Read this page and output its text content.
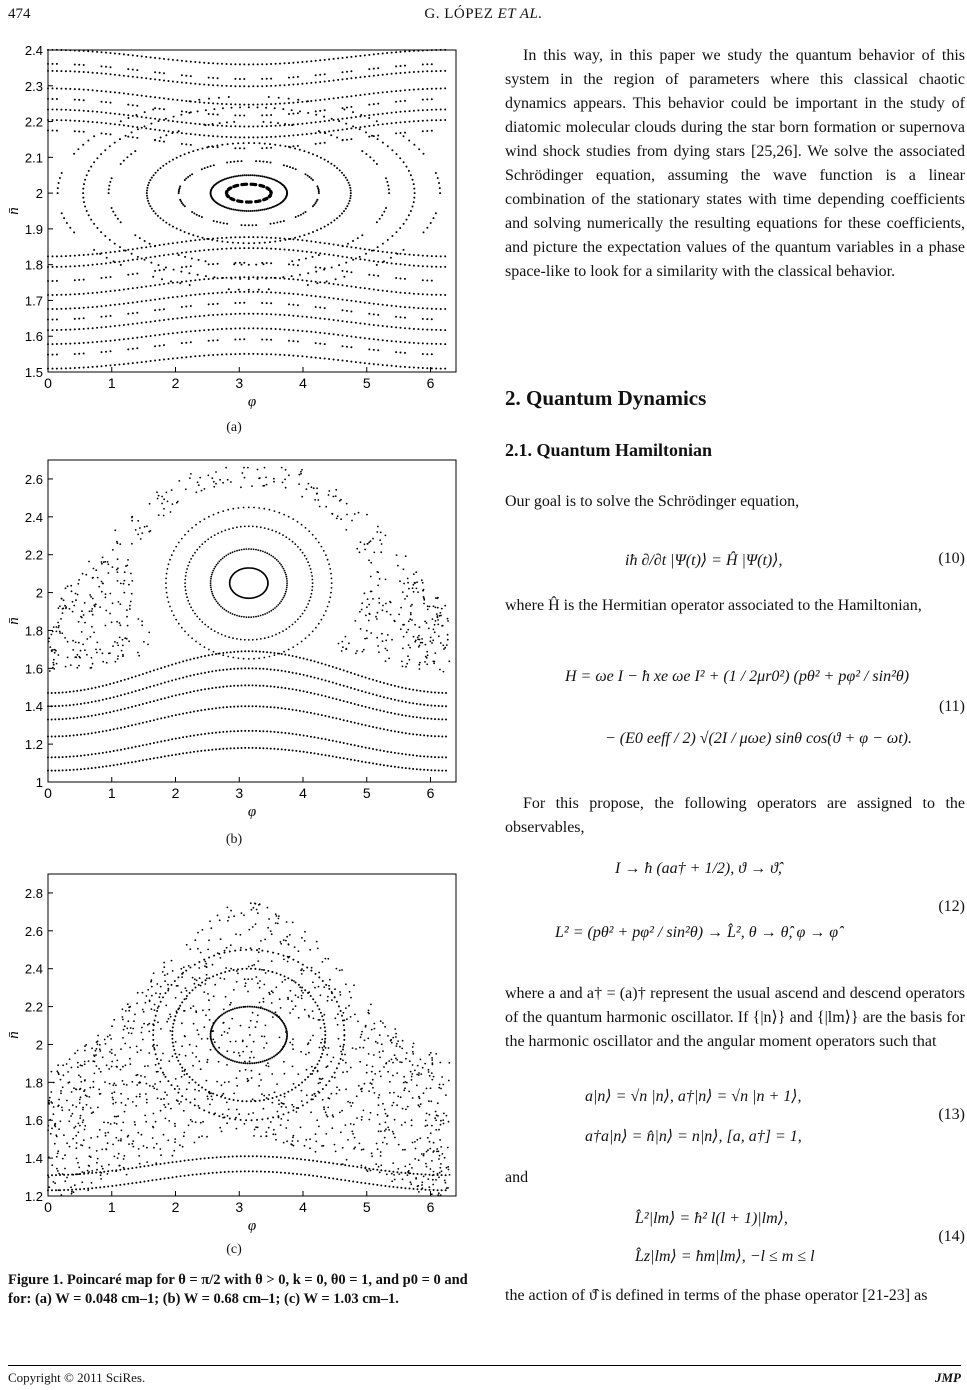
474	G. LÓPEZ ET AL.
0	1	2	3	4	5	6
1.5
1.6
1.7
1.8
1.9
2
2.1
2.2
2.3
2.4
φ
n̄
(a)
0	1	2	3	4	5	6
1
1.2
1.4
1.6
1.8
2
2.2
2.4
2.6
φ
n̄
(b)
0	1	2	3	4	5	6
1.2
1.4
1.6
1.8
2
2.2
2.4
2.6
2.8
φ
n̄
(c)
Figure 1. Poincaré map for θ = π/2 with θ > 0, k = 0, θ0 = 1, and p0 = 0 and for: (a) W = 0.048 cm–1; (b) W = 0.68 cm–1; (c) W = 1.03 cm–1.

In this way, in this paper we study the quantum behavior of this system in the region of parameters where this classical chaotic dynamics appears. This behavior could be important in the study of diatomic molecular clouds during the star born formation or supernova wind shock studies from dying stars [25,26]. We solve the associated Schrödinger equation, assuming the wave function is a linear combination of the stationary states with time depending coefficients and solving numerically the resulting equations for these coefficients, and picture the expectation values of the quantum variables in a phase space-like to look for a similarity with the classical behavior.

2. Quantum Dynamics
2.1. Quantum Hamiltonian

Our goal is to solve the Schrödinger equation,

iħ ∂/∂t |Ψ(t)⟩ = Ĥ |Ψ(t)⟩,	(10)

where Ĥ is the Hermitian operator associated to the Hamiltonian,

H = ωe I − ħ xe ωe I² + (1 / 2μr0²) (pθ² + pφ² / sin²θ)
− (E0 eeff / 2) √(2I / μωe) sinθ cos(ϑ + φ − ωt).
(11)

For this propose, the following operators are assigned to the observables,

I → ħ (aa† + 1/2), ϑ → ϑ̂,
L² = (pθ² + pφ² / sin²θ) → L̂², θ → θ̂, φ → φ̂
(12)

where a and a† = (a)† represent the usual ascend and descend operators of the quantum harmonic oscillator. If {|n⟩} and {|lm⟩} are the basis for the harmonic oscillator and the angular moment operators such that

a|n⟩ = √n |n⟩, a†|n⟩ = √n |n + 1⟩,
a†a|n⟩ = n̂|n⟩ = n|n⟩, [a, a†] = 1,
(13)

and

L̂²|lm⟩ = ħ² l(l + 1)|lm⟩,
L̂z|lm⟩ = ħm|lm⟩, −l ≤ m ≤ l
(14)

the action of ϑ̂ is defined in terms of the phase operator [21-23] as

Copyright © 2011 SciRes.	JMP
